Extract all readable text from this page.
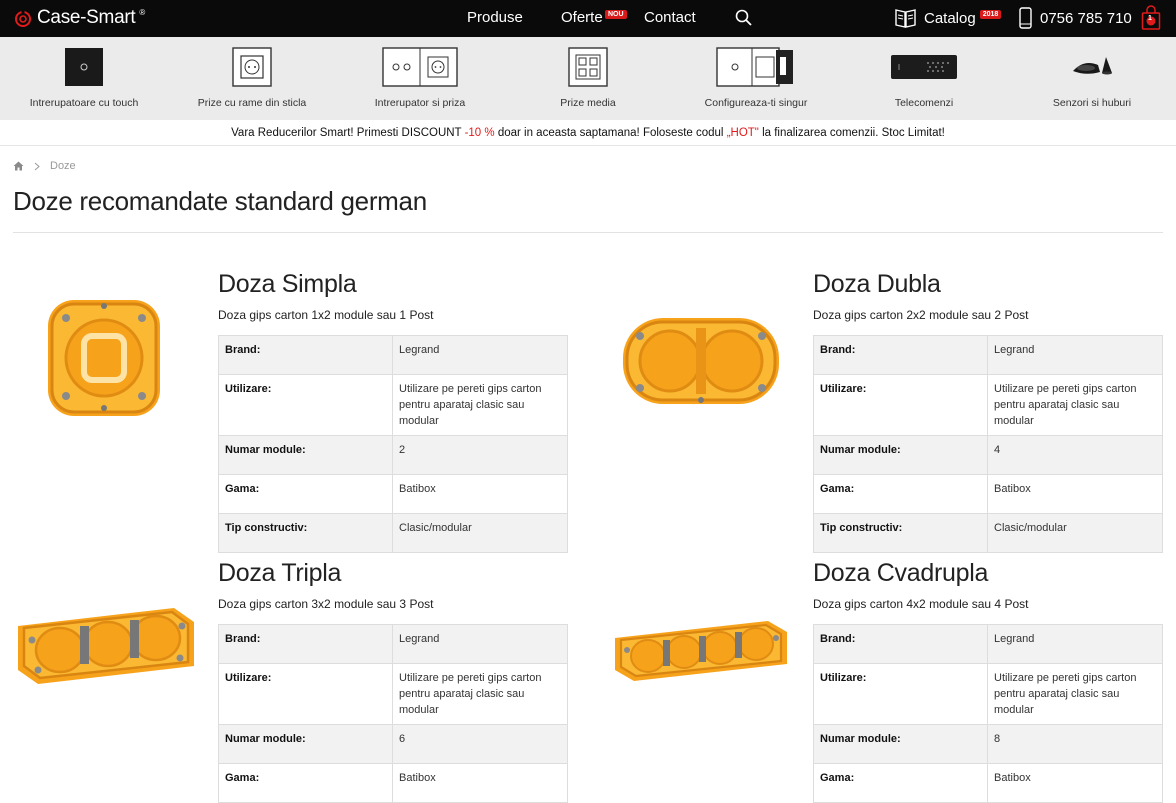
Case-Smart ®	Produse	Oferte NOU Contact	Catalog	2018	0756 785 710 1
Intrerupatoare cu touch	Prize cu rame din sticla	Intrerupator si priza	Prize media	Configureaza-ti singur	Telecomenzi	Senzori si huburi
Vara Reducerilor Smart! Primesti DISCOUNT -10 % doar in aceasta saptamana! Foloseste codul „HOT" la finalizarea comenzii. Stoc Limitat!
Doze
Doze recomandate standard german
Doza Simpla
Doza gips carton 1x2 module sau 1 Post
Brand:	Legrand
Utilizare:	Utilizare pe pereti gips carton
pentru aparataj clasic sau modular
Numar module:	2
Gama:	Batibox
Tip constructiv:	Clasic/modular
Doza Dubla
Doza gips carton 2x2 module sau 2 Post
Brand:	Legrand
Utilizare:	Utilizare pe pereti gips carton
pentru aparataj clasic sau modular
Numar module:	4
Gama:	Batibox
Tip constructiv:	Clasic/modular
Doza Tripla
Doza gips carton 3x2 module sau 3 Post
Brand:	Legrand
Utilizare:	Utilizare pe pereti gips carton
pentru aparataj clasic sau modular
Numar module:	6
Gama:	Batibox
Doza Cvadrupla
Doza gips carton 4x2 module sau 4 Post
Brand:	Legrand
Utilizare:	Utilizare pe pereti gips carton
pentru aparataj clasic sau modular
Numar module:	8
Gama:	Batibox
